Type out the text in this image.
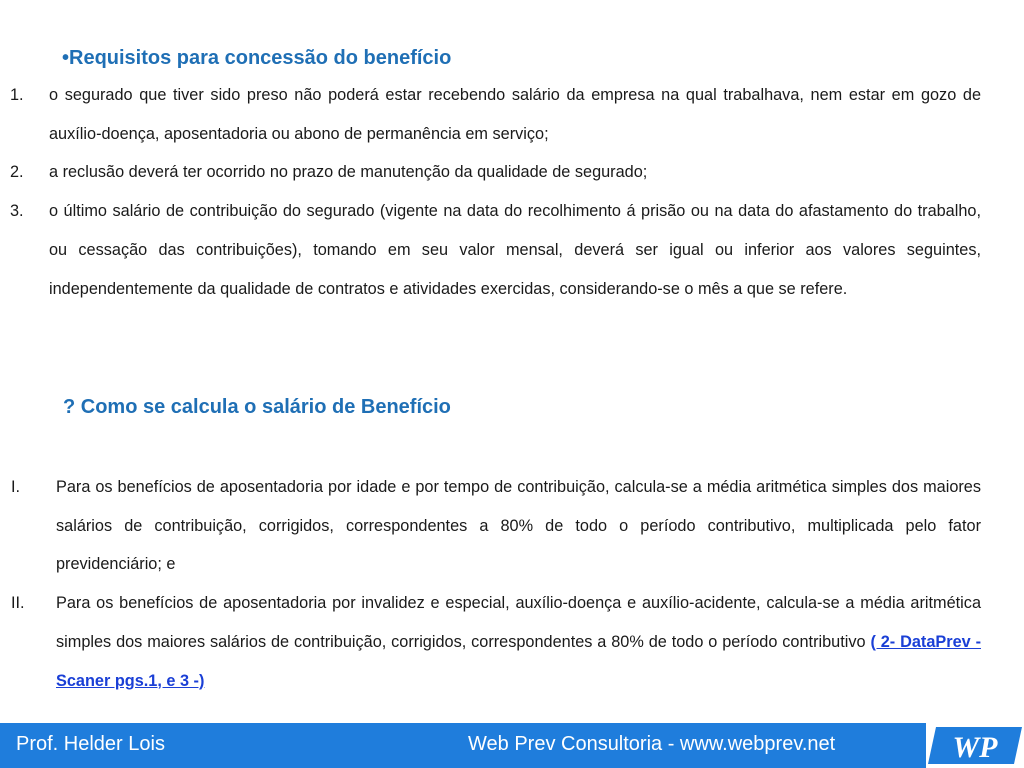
•Requisitos para concessão do benefício
1. o segurado que tiver sido preso não poderá estar recebendo salário da empresa na qual trabalhava, nem estar em gozo de auxílio-doença, aposentadoria ou abono de permanência em serviço;
2. a reclusão deverá ter ocorrido no prazo de manutenção da qualidade de segurado;
3. o último salário de contribuição do segurado (vigente na data do recolhimento á prisão ou na data do afastamento do trabalho, ou cessação das contribuições), tomando em seu valor mensal, deverá ser igual ou inferior aos valores seguintes, independentemente da qualidade de contratos e atividades exercidas, considerando-se o mês a que se refere.
? Como se calcula o salário de Benefício
I. Para os benefícios de aposentadoria por idade e por tempo de contribuição, calcula-se a média aritmética simples dos maiores salários de contribuição, corrigidos, correspondentes a 80% de todo o período contributivo, multiplicada pelo fator previdenciário; e
II. Para os benefícios de aposentadoria por invalidez e especial, auxílio-doença e auxílio-acidente, calcula-se a média aritmética simples dos maiores salários de contribuição, corrigidos, correspondentes a 80% de todo o período contributivo ( 2- DataPrev - Scaner pgs.1, e 3 -)
Prof. Helder Lois	Web Prev Consultoria - www.webprev.net	WP
